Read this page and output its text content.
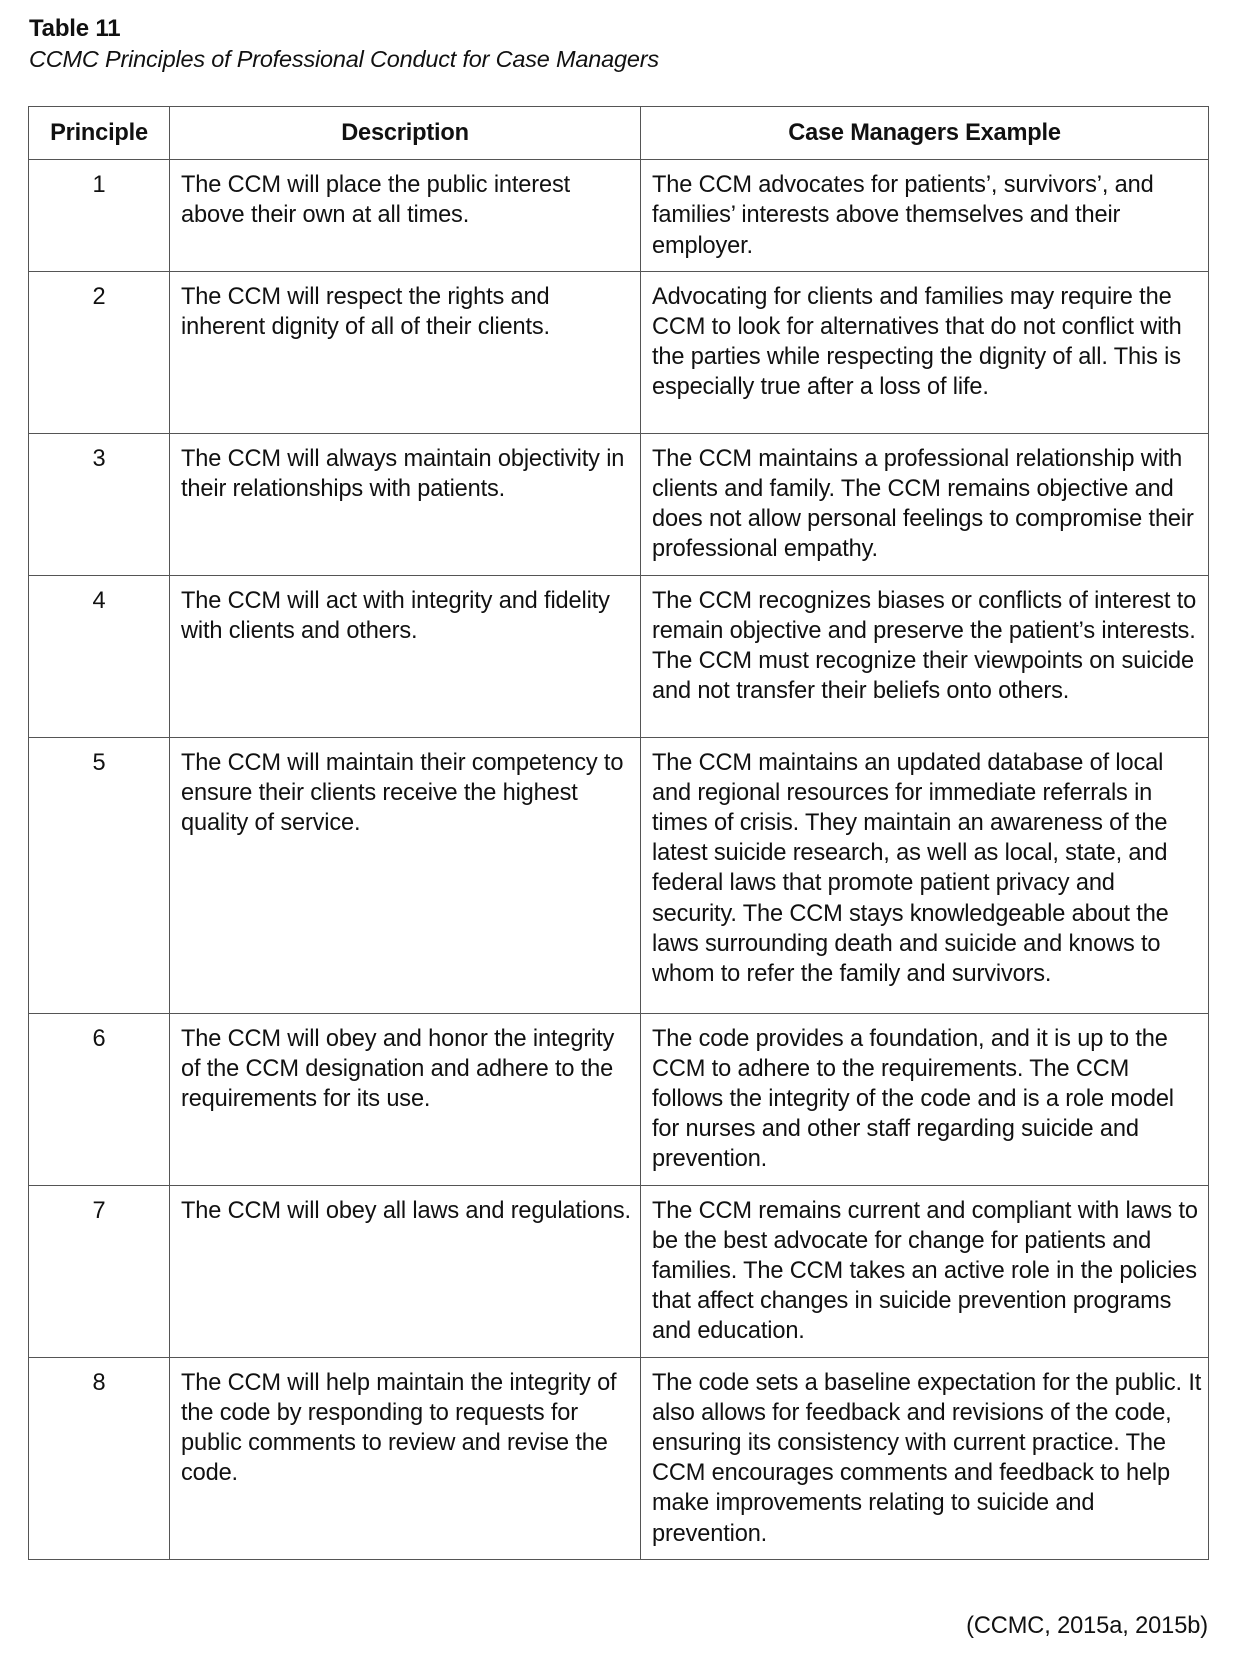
Table 11
CCMC Principles of Professional Conduct for Case Managers
Principle	Description	Case Managers Example
1	The CCM will place the public interest above their own at all times.	The CCM advocates for patients’, survivors’, and families’ interests above themselves and their employer.
2	The CCM will respect the rights and inherent dignity of all of their clients.	Advocating for clients and families may require the CCM to look for alternatives that do not conflict with the parties while respecting the dignity of all. This is especially true after a loss of life.
3	The CCM will always maintain objectivity in their relationships with patients.	The CCM maintains a professional relationship with clients and family. The CCM remains objective and does not allow personal feelings to compromise their professional empathy.
4	The CCM will act with integrity and fidelity with clients and others.	The CCM recognizes biases or conflicts of interest to remain objective and preserve the patient’s interests. The CCM must recognize their viewpoints on suicide and not transfer their beliefs onto others.
5	The CCM will maintain their competency to ensure their clients receive the highest quality of service.	The CCM maintains an updated database of local and regional resources for immediate referrals in times of crisis. They maintain an awareness of the latest suicide research, as well as local, state, and federal laws that promote patient privacy and security. The CCM stays knowledgeable about the laws surrounding death and suicide and knows to whom to refer the family and survivors.
6	The CCM will obey and honor the integrity of the CCM designation and adhere to the requirements for its use.	The code provides a foundation, and it is up to the CCM to adhere to the requirements. The CCM follows the integrity of the code and is a role model for nurses and other staff regarding suicide and prevention.
7	The CCM will obey all laws and regulations.	The CCM remains current and compliant with laws to be the best advocate for change for patients and families. The CCM takes an active role in the policies that affect changes in suicide prevention programs and education.
8	The CCM will help maintain the integrity of the code by responding to requests for public comments to review and revise the code.	The code sets a baseline expectation for the public. It also allows for feedback and revisions of the code, ensuring its consistency with current practice. The CCM encourages comments and feedback to help make improvements relating to suicide and prevention.
(CCMC, 2015a, 2015b)
